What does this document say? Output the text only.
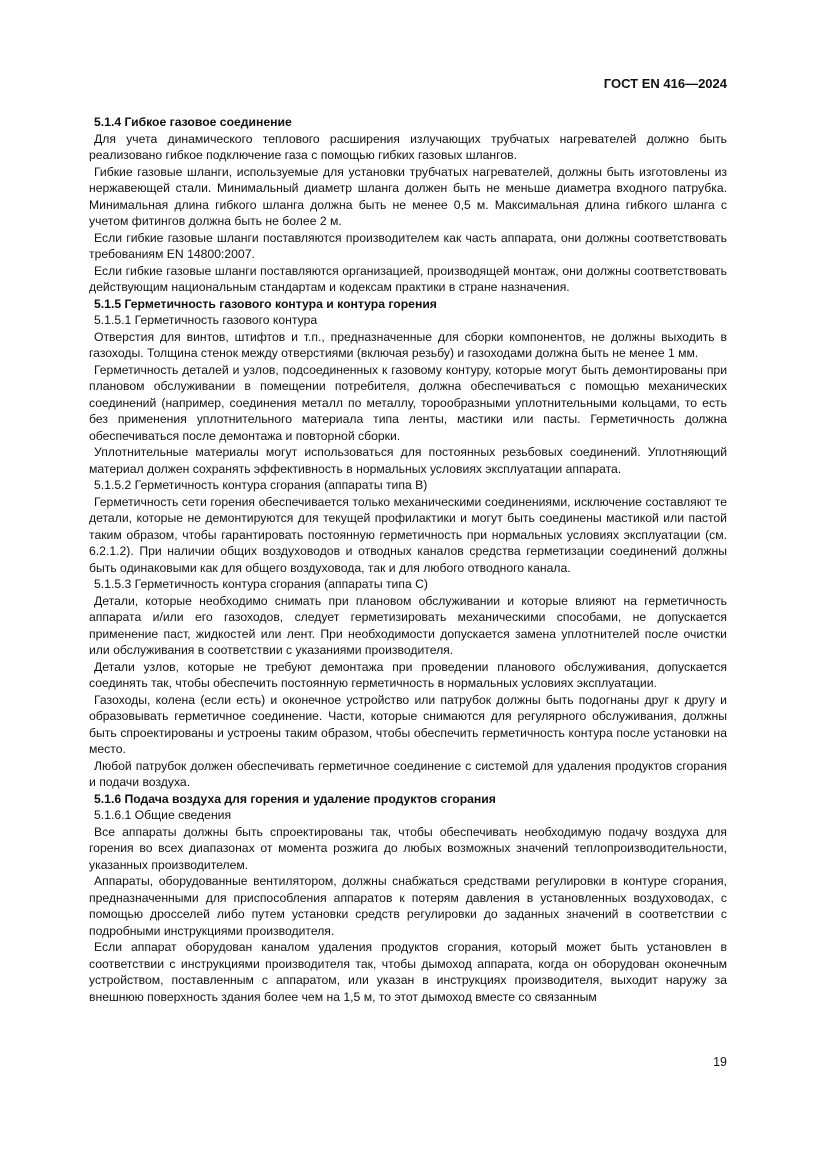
ГОСТ EN 416—2024

5.1.4 Гибкое газовое соединение

Для учета динамического теплового расширения излучающих трубчатых нагревателей должно быть реализовано гибкое подключение газа с помощью гибких газовых шлангов.

Гибкие газовые шланги, используемые для установки трубчатых нагревателей, должны быть изготовлены из нержавеющей стали. Минимальный диаметр шланга должен быть не меньше диаметра входного патрубка. Минимальная длина гибкого шланга должна быть не менее 0,5 м. Максимальная длина гибкого шланга с учетом фитингов должна быть не более 2 м.

Если гибкие газовые шланги поставляются производителем как часть аппарата, они должны соответствовать требованиям EN 14800:2007.

Если гибкие газовые шланги поставляются организацией, производящей монтаж, они должны соответствовать действующим национальным стандартам и кодексам практики в стране назначения.

5.1.5 Герметичность газового контура и контура горения

5.1.5.1 Герметичность газового контура

Отверстия для винтов, штифтов и т.п., предназначенные для сборки компонентов, не должны выходить в газоходы. Толщина стенок между отверстиями (включая резьбу) и газоходами должна быть не менее 1 мм.

Герметичность деталей и узлов, подсоединенных к газовому контуру, которые могут быть демонтированы при плановом обслуживании в помещении потребителя, должна обеспечиваться с помощью механических соединений (например, соединения металл по металлу, торообразными уплотнительными кольцами, то есть без применения уплотнительного материала типа ленты, мастики или пасты. Герметичность должна обеспечиваться после демонтажа и повторной сборки.

Уплотнительные материалы могут использоваться для постоянных резьбовых соединений. Уплотняющий материал должен сохранять эффективность в нормальных условиях эксплуатации аппарата.

5.1.5.2 Герметичность контура сгорания (аппараты типа В)

Герметичность сети горения обеспечивается только механическими соединениями, исключение составляют те детали, которые не демонтируются для текущей профилактики и могут быть соединены мастикой или пастой таким образом, чтобы гарантировать постоянную герметичность при нормальных условиях эксплуатации (см. 6.2.1.2). При наличии общих воздуховодов и отводных каналов средства герметизации соединений должны быть одинаковыми как для общего воздуховода, так и для любого отводного канала.

5.1.5.3 Герметичность контура сгорания (аппараты типа С)

Детали, которые необходимо снимать при плановом обслуживании и которые влияют на герметичность аппарата и/или его газоходов, следует герметизировать механическими способами, не допускается применение паст, жидкостей или лент. При необходимости допускается замена уплотнителей после очистки или обслуживания в соответствии с указаниями производителя.

Детали узлов, которые не требуют демонтажа при проведении планового обслуживания, допускается соединять так, чтобы обеспечить постоянную герметичность в нормальных условиях эксплуатации.

Газоходы, колена (если есть) и оконечное устройство или патрубок должны быть подогнаны друг к другу и образовывать герметичное соединение. Части, которые снимаются для регулярного обслуживания, должны быть спроектированы и устроены таким образом, чтобы обеспечить герметичность контура после установки на место.

Любой патрубок должен обеспечивать герметичное соединение с системой для удаления продуктов сгорания и подачи воздуха.

5.1.6 Подача воздуха для горения и удаление продуктов сгорания

5.1.6.1 Общие сведения

Все аппараты должны быть спроектированы так, чтобы обеспечивать необходимую подачу воздуха для горения во всех диапазонах от момента розжига до любых возможных значений теплопроизводительности, указанных производителем.

Аппараты, оборудованные вентилятором, должны снабжаться средствами регулировки в контуре сгорания, предназначенными для приспособления аппаратов к потерям давления в установленных воздуховодах, с помощью дросселей либо путем установки средств регулировки до заданных значений в соответствии с подробными инструкциями производителя.

Если аппарат оборудован каналом удаления продуктов сгорания, который может быть установлен в соответствии с инструкциями производителя так, чтобы дымоход аппарата, когда он оборудован оконечным устройством, поставленным с аппаратом, или указан в инструкциях производителя, выходит наружу за внешнюю поверхность здания более чем на 1,5 м, то этот дымоход вместе со связанным

19
